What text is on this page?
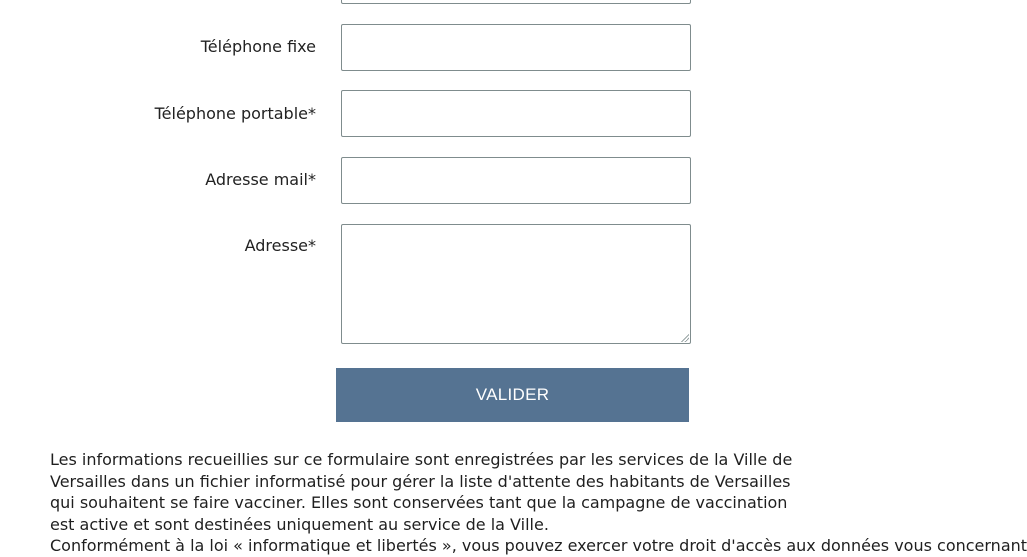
Téléphone fixe
Téléphone portable*
Adresse mail*
Adresse*
VALIDER

Les informations recueillies sur ce formulaire sont enregistrées par les services de la Ville de Versailles dans un fichier informatisé pour gérer la liste d'attente des habitants de Versailles qui souhaitent se faire vacciner. Elles sont conservées tant que la campagne de vaccination est active et sont destinées uniquement au service de la Ville.

Conformément à la loi « informatique et libertés », vous pouvez exercer votre droit d'accès aux données vous concernant
